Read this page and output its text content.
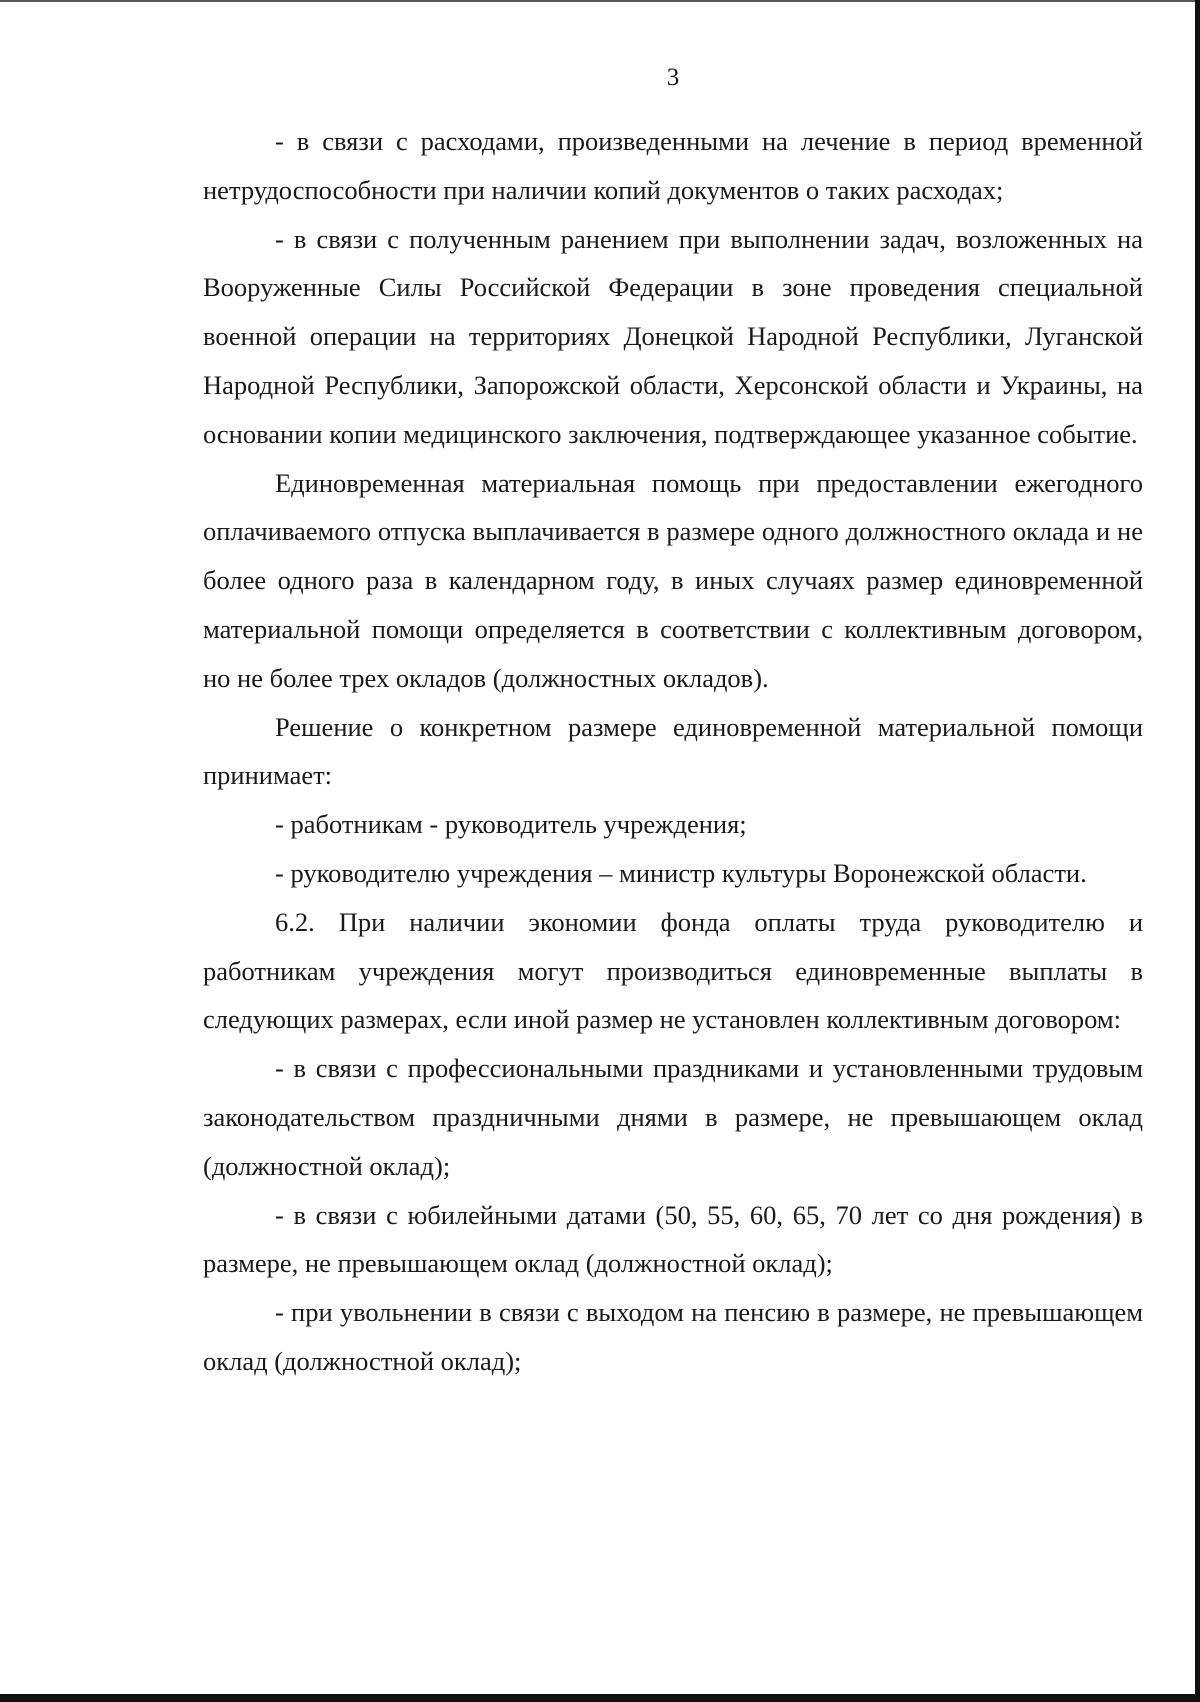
3

- в связи с расходами, произведенными на лечение в период временной нетрудоспособности при наличии копий документов о таких расходах;

- в связи с полученным ранением при выполнении задач, возложенных на Вооруженные Силы Российской Федерации в зоне проведения специальной военной операции на территориях Донецкой Народной Республики, Луганской Народной Республики, Запорожской области, Херсонской области и Украины, на основании копии медицинского заключения, подтверждающее указанное событие.

Единовременная материальная помощь при предоставлении ежегодного оплачиваемого отпуска выплачивается в размере одного должностного оклада и не более одного раза в календарном году, в иных случаях размер единовременной материальной помощи определяется в соответствии с коллективным договором, но не более трех окладов (должностных окладов).

Решение о конкретном размере единовременной материальной помощи принимает:

- работникам - руководитель учреждения;

- руководителю учреждения – министр культуры Воронежской области.

6.2. При наличии экономии фонда оплаты труда руководителю и работникам учреждения могут производиться единовременные выплаты в следующих размерах, если иной размер не установлен коллективным договором:

- в связи с профессиональными праздниками и установленными трудовым законодательством праздничными днями в размере, не превышающем оклад (должностной оклад);

- в связи с юбилейными датами (50, 55, 60, 65, 70 лет со дня рождения) в размере, не превышающем оклад (должностной оклад);

- при увольнении в связи с выходом на пенсию в размере, не превышающем оклад (должностной оклад);
